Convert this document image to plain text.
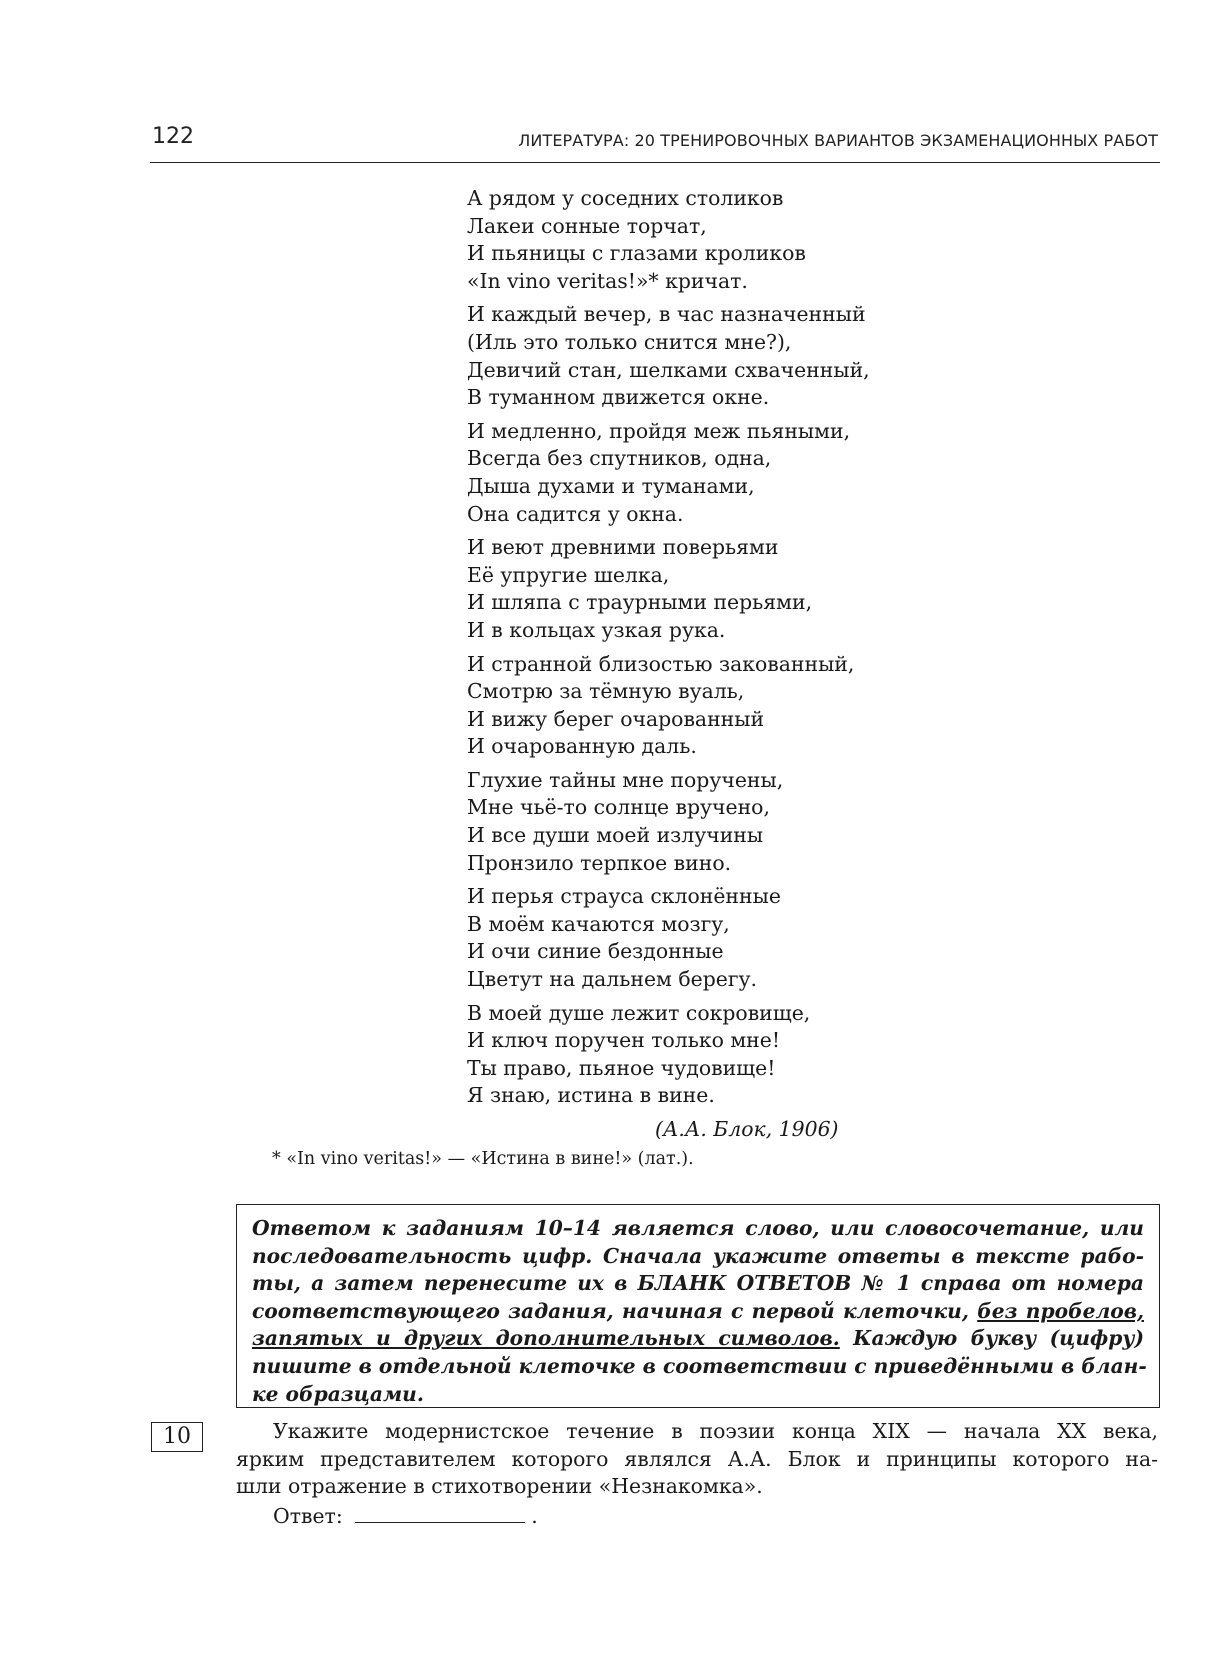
122	ЛИТЕРАТУРА: 20 ТРЕНИРОВОЧНЫХ ВАРИАНТОВ ЭКЗАМЕНАЦИОННЫХ РАБОТ
А рядом у соседних столиков
Лакеи сонные торчат,
И пьяницы с глазами кроликов
«In vino veritas!»* кричат.
И каждый вечер, в час назначенный
(Иль это только снится мне?),
Девичий стан, шелками схваченный,
В туманном движется окне.
И медленно, пройдя меж пьяными,
Всегда без спутников, одна,
Дыша духами и туманами,
Она садится у окна.
И веют древними поверьями
Её упругие шелка,
И шляпа с траурными перьями,
И в кольцах узкая рука.
И странной близостью закованный,
Смотрю за тёмную вуаль,
И вижу берег очарованный
И очарованную даль.
Глухие тайны мне поручены,
Мне чьё-то солнце вручено,
И все души моей излучины
Пронзило терпкое вино.
И перья страуса склонённые
В моём качаются мозгу,
И очи синие бездонные
Цветут на дальнем берегу.
В моей душе лежит сокровище,
И ключ поручен только мне!
Ты право, пьяное чудовище!
Я знаю, истина в вине.
(А.А. Блок, 1906)
* «In vino veritas!» — «Истина в вине!» (лат.).
Ответом к заданиям 10–14 является слово, или словосочетание, или
последовательность цифр. Сначала укажите ответы в тексте рабо-
ты, а затем перенесите их в БЛАНК ОТВЕТОВ № 1 справа от номера
соответствующего задания, начиная с первой клеточки, без пробелов,
запятых и других дополнительных символов. Каждую букву (цифру)
пишите в отдельной клеточке в соответствии с приведёнными в блан-
ке образцами.
10	Укажите модернистское течение в поэзии конца XIX — начала XX века,
ярким представителем которого являлся А.А. Блок и принципы которого на-
шли отражение в стихотворении «Незнакомка».
Ответ:	.
